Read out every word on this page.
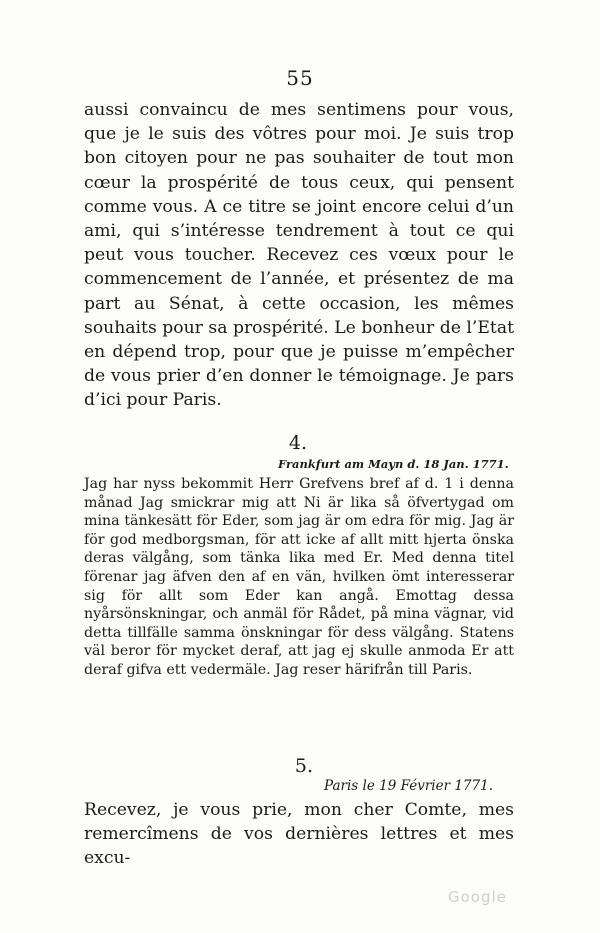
55

aussi convaincu de mes sentimens pour vous, que je le suis des vôtres pour moi. Je suis trop bon citoyen pour ne pas souhaiter de tout mon cœur la prospérité de tous ceux, qui pensent comme vous. A ce titre se joint encore celui d’un ami, qui s’intéresse tendrement à tout ce qui peut vous toucher. Recevez ces vœux pour le commencement de l’année, et présentez de ma part au Sénat, à cette occasion, les mêmes souhaits pour sa prospérité. Le bonheur de l’Etat en dépend trop, pour que je puisse m’empêcher de vous prier d’en donner le témoignage. Je pars d’ici pour Paris.

4.
Frankfurt am Mayn d. 18 Jan. 1771.

Jag har nyss bekommit Herr Grefvens bref af d. 1 i denna månad Jag smickrar mig att Ni är lika så öfvertygad om mina tänkesätt för Eder, som jag är om edra för mig. Jag är för god medborgsman, för att icke af allt mitt hjerta önska deras välgång, som tänka lika med Er. Med denna titel förenar jag äfven den af en vän, hvilken ömt interesserar sig för allt som Eder kan angå. Emottag dessa nyårsönskningar, och anmäl för Rådet, på mina vägnar, vid detta tillfälle samma önskningar för dess välgång. Statens väl beror för mycket deraf, att jag ej skulle anmoda Er att deraf gifva ett vedermäle. Jag reser härifrån till Paris.

5.
Paris le 19 Février 1771.

Recevez, je vous prie, mon cher Comte, mes remercîmens de vos dernières lettres et mes excu-

Google
